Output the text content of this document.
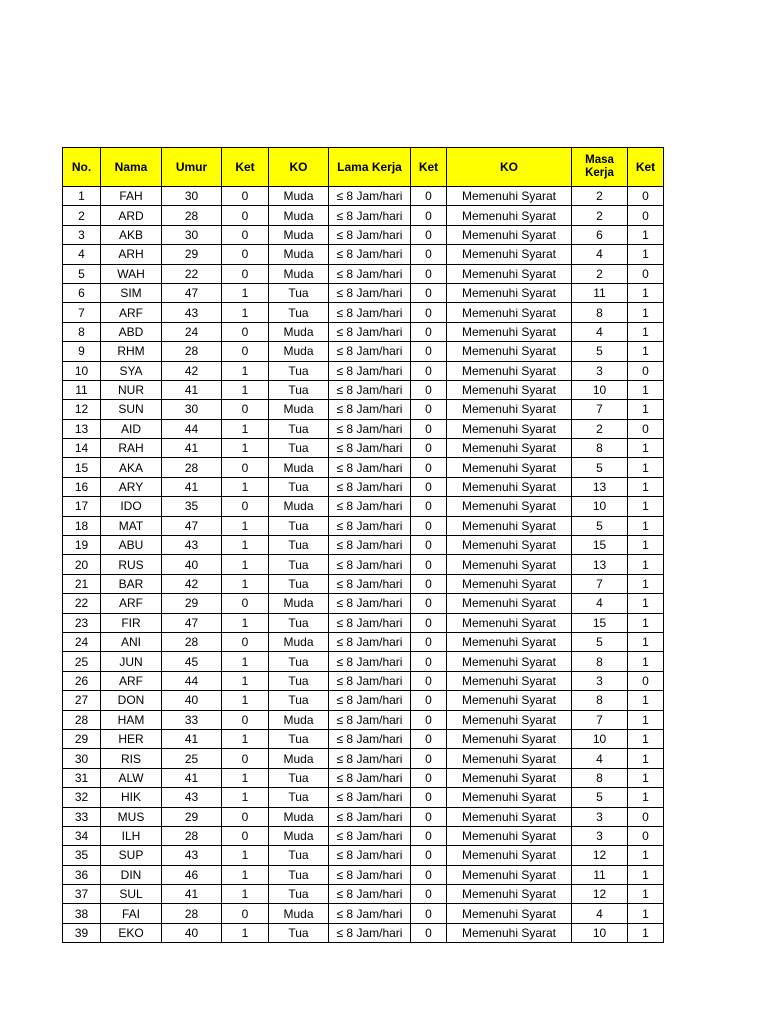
No.	Nama	Umur	Ket	KO	Lama Kerja	Ket	KO	Masa Kerja	Ket
1	FAH	30	0	Muda	≤ 8 Jam/hari	0	Memenuhi Syarat	2	0
2	ARD	28	0	Muda	≤ 8 Jam/hari	0	Memenuhi Syarat	2	0
3	AKB	30	0	Muda	≤ 8 Jam/hari	0	Memenuhi Syarat	6	1
4	ARH	29	0	Muda	≤ 8 Jam/hari	0	Memenuhi Syarat	4	1
5	WAH	22	0	Muda	≤ 8 Jam/hari	0	Memenuhi Syarat	2	0
6	SIM	47	1	Tua	≤ 8 Jam/hari	0	Memenuhi Syarat	11	1
7	ARF	43	1	Tua	≤ 8 Jam/hari	0	Memenuhi Syarat	8	1
8	ABD	24	0	Muda	≤ 8 Jam/hari	0	Memenuhi Syarat	4	1
9	RHM	28	0	Muda	≤ 8 Jam/hari	0	Memenuhi Syarat	5	1
10	SYA	42	1	Tua	≤ 8 Jam/hari	0	Memenuhi Syarat	3	0
11	NUR	41	1	Tua	≤ 8 Jam/hari	0	Memenuhi Syarat	10	1
12	SUN	30	0	Muda	≤ 8 Jam/hari	0	Memenuhi Syarat	7	1
13	AID	44	1	Tua	≤ 8 Jam/hari	0	Memenuhi Syarat	2	0
14	RAH	41	1	Tua	≤ 8 Jam/hari	0	Memenuhi Syarat	8	1
15	AKA	28	0	Muda	≤ 8 Jam/hari	0	Memenuhi Syarat	5	1
16	ARY	41	1	Tua	≤ 8 Jam/hari	0	Memenuhi Syarat	13	1
17	IDO	35	0	Muda	≤ 8 Jam/hari	0	Memenuhi Syarat	10	1
18	MAT	47	1	Tua	≤ 8 Jam/hari	0	Memenuhi Syarat	5	1
19	ABU	43	1	Tua	≤ 8 Jam/hari	0	Memenuhi Syarat	15	1
20	RUS	40	1	Tua	≤ 8 Jam/hari	0	Memenuhi Syarat	13	1
21	BAR	42	1	Tua	≤ 8 Jam/hari	0	Memenuhi Syarat	7	1
22	ARF	29	0	Muda	≤ 8 Jam/hari	0	Memenuhi Syarat	4	1
23	FIR	47	1	Tua	≤ 8 Jam/hari	0	Memenuhi Syarat	15	1
24	ANI	28	0	Muda	≤ 8 Jam/hari	0	Memenuhi Syarat	5	1
25	JUN	45	1	Tua	≤ 8 Jam/hari	0	Memenuhi Syarat	8	1
26	ARF	44	1	Tua	≤ 8 Jam/hari	0	Memenuhi Syarat	3	0
27	DON	40	1	Tua	≤ 8 Jam/hari	0	Memenuhi Syarat	8	1
28	HAM	33	0	Muda	≤ 8 Jam/hari	0	Memenuhi Syarat	7	1
29	HER	41	1	Tua	≤ 8 Jam/hari	0	Memenuhi Syarat	10	1
30	RIS	25	0	Muda	≤ 8 Jam/hari	0	Memenuhi Syarat	4	1
31	ALW	41	1	Tua	≤ 8 Jam/hari	0	Memenuhi Syarat	8	1
32	HIK	43	1	Tua	≤ 8 Jam/hari	0	Memenuhi Syarat	5	1
33	MUS	29	0	Muda	≤ 8 Jam/hari	0	Memenuhi Syarat	3	0
34	ILH	28	0	Muda	≤ 8 Jam/hari	0	Memenuhi Syarat	3	0
35	SUP	43	1	Tua	≤ 8 Jam/hari	0	Memenuhi Syarat	12	1
36	DIN	46	1	Tua	≤ 8 Jam/hari	0	Memenuhi Syarat	11	1
37	SUL	41	1	Tua	≤ 8 Jam/hari	0	Memenuhi Syarat	12	1
38	FAI	28	0	Muda	≤ 8 Jam/hari	0	Memenuhi Syarat	4	1
39	EKO	40	1	Tua	≤ 8 Jam/hari	0	Memenuhi Syarat	10	1
